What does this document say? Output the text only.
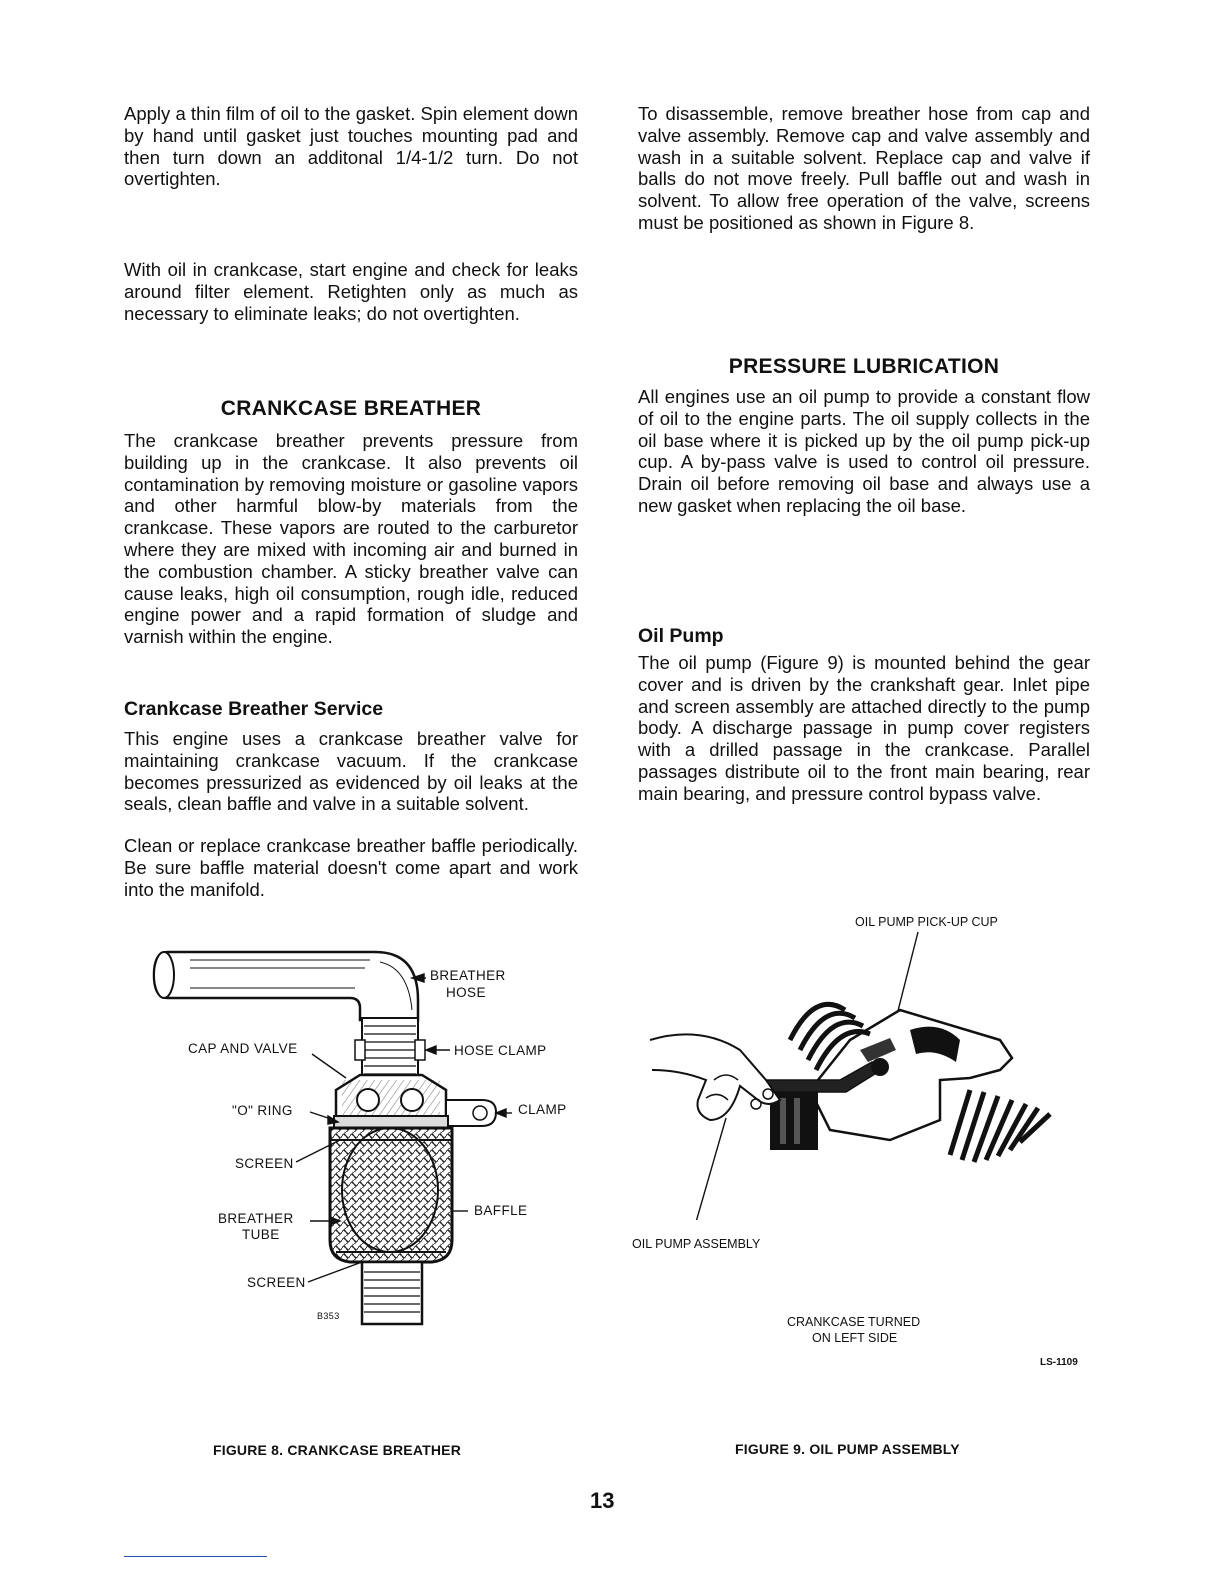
Apply a thin film of oil to the gasket. Spin element down by hand until gasket just touches mounting pad and then turn down an additonal 1/4-1/2 turn. Do not overtighten.

With oil in crankcase, start engine and check for leaks around filter element. Retighten only as much as necessary to eliminate leaks; do not overtighten.

CRANKCASE BREATHER

The crankcase breather prevents pressure from building up in the crankcase. It also prevents oil contamination by removing moisture or gasoline vapors and other harmful blow-by materials from the crankcase. These vapors are routed to the carburetor where they are mixed with incoming air and burned in the combustion chamber. A sticky breather valve can cause leaks, high oil consumption, rough idle, reduced engine power and a rapid formation of sludge and varnish within the engine.

Crankcase Breather Service

This engine uses a crankcase breather valve for maintaining crankcase vacuum. If the crankcase becomes pressurized as evidenced by oil leaks at the seals, clean baffle and valve in a suitable solvent.

Clean or replace crankcase breather baffle periodically. Be sure baffle material doesn't come apart and work into the manifold.

To disassemble, remove breather hose from cap and valve assembly. Remove cap and valve assembly and wash in a suitable solvent. Replace cap and valve if balls do not move freely. Pull baffle out and wash in solvent. To allow free operation of the valve, screens must be positioned as shown in Figure 8.

PRESSURE LUBRICATION

All engines use an oil pump to provide a constant flow of oil to the engine parts. The oil supply collects in the oil base where it is picked up by the oil pump pick-up cup. A by-pass valve is used to control oil pressure. Drain oil before removing oil base and always use a new gasket when replacing the oil base.

Oil Pump

The oil pump (Figure 9) is mounted behind the gear cover and is driven by the crankshaft gear. Inlet pipe and screen assembly are attached directly to the pump body. A discharge passage in pump cover registers with a drilled passage in the crankcase. Parallel passages distribute oil to the front main bearing, rear main bearing, and pressure control bypass valve.

BREATHER
HOSE
HOSE CLAMP
CAP AND VALVE
"O" RING	CLAMP
SCREEN
BAFFLE
BREATHER
TUBE
SCREEN
B353
FIGURE 8. CRANKCASE BREATHER
OIL PUMP PICK-UP CUP
OIL PUMP ASSEMBLY
CRANKCASE TURNED
ON LEFT SIDE
LS-1109
FIGURE 9. OIL PUMP ASSEMBLY
13
